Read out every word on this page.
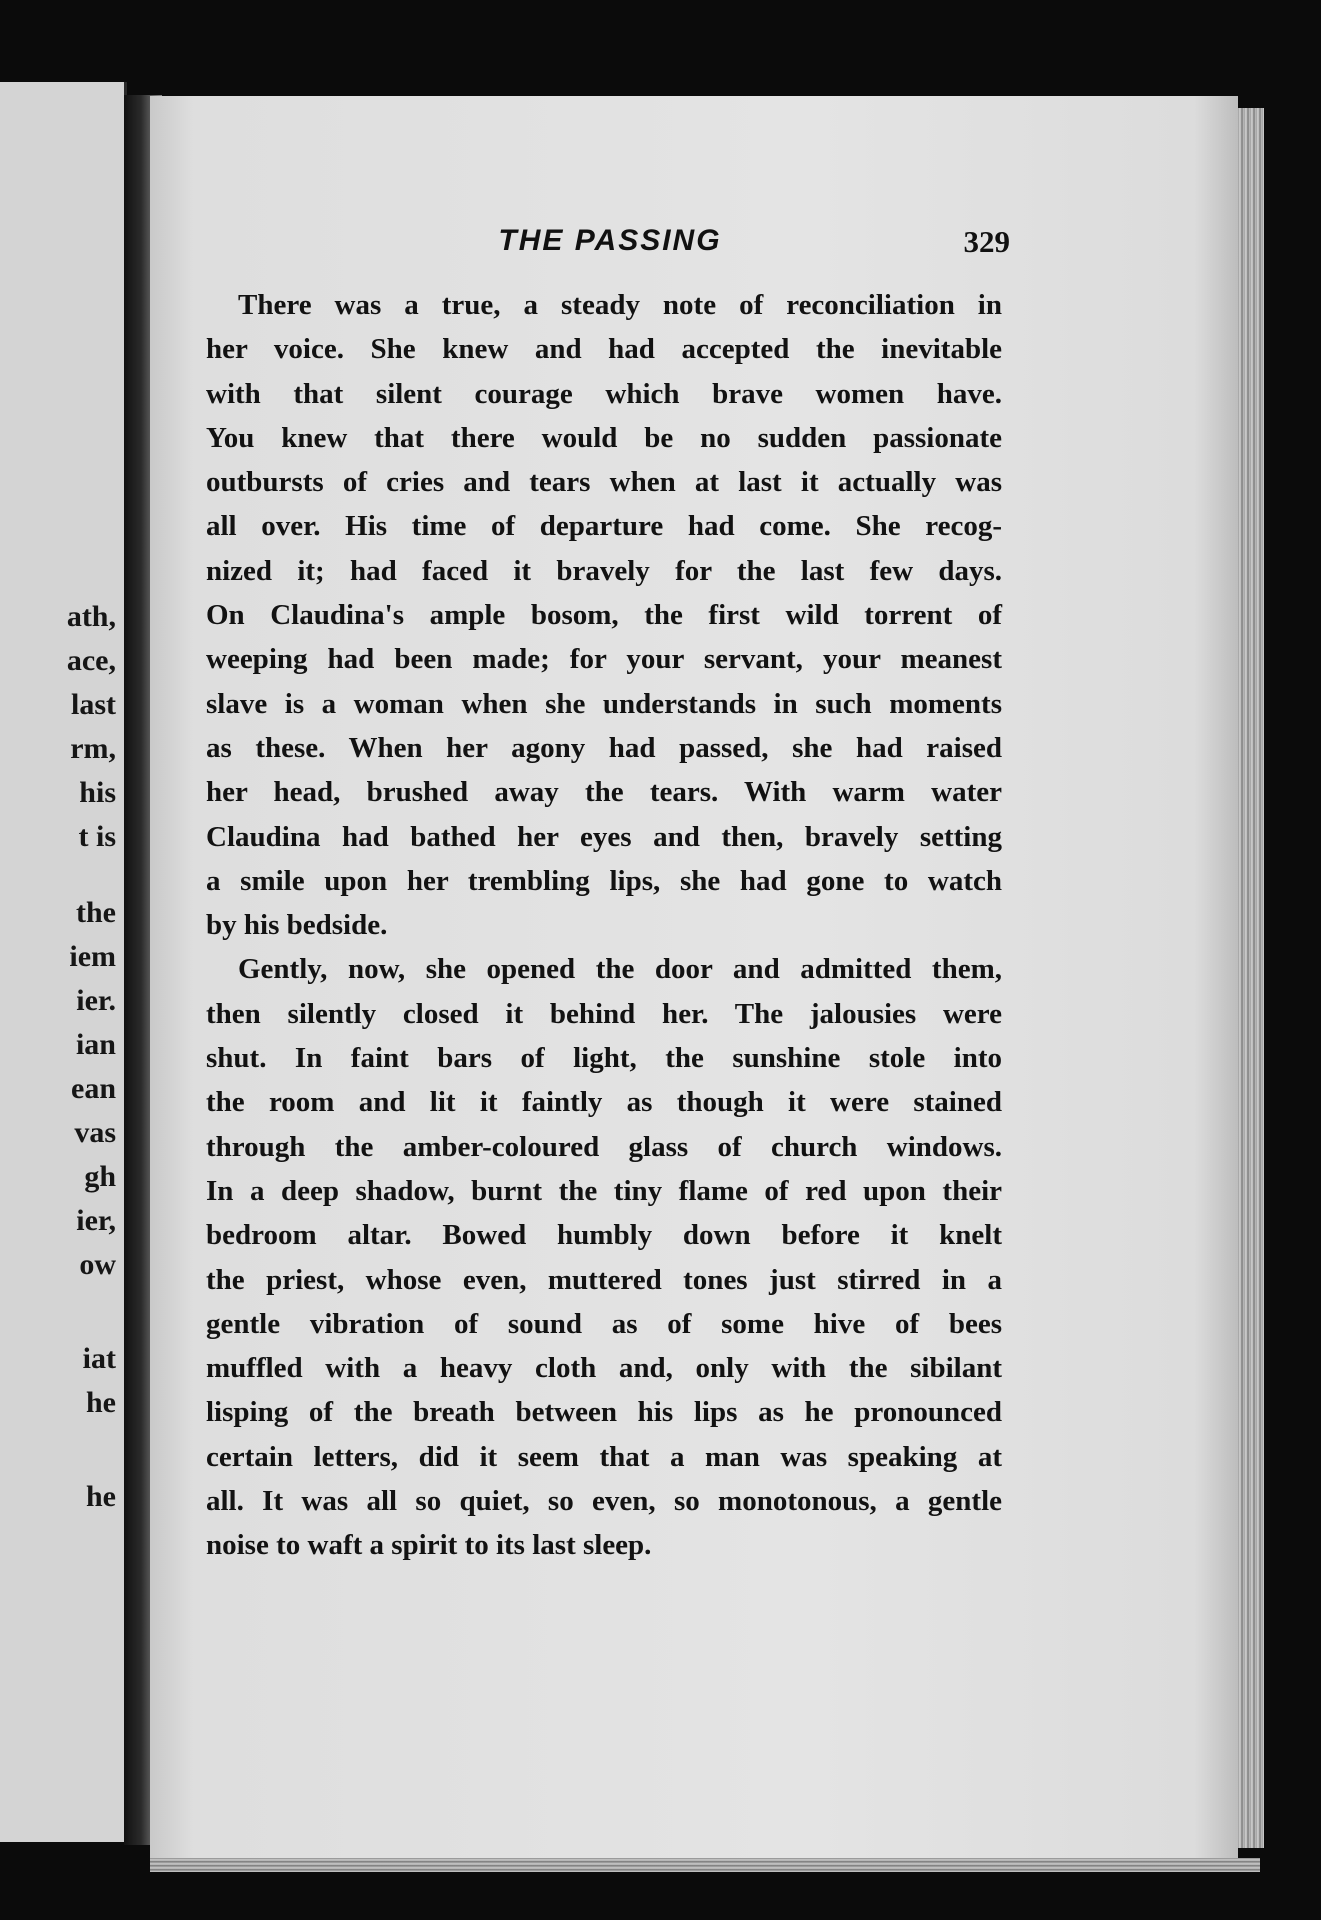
ath,

ace,

last

rm,

his

t is

the

iem

ier.

ian

ean

vas

gh

ier,

ow

iat

he

he

THE PASSING	329
There was a true, a steady note of reconciliation in
her voice. She knew and had accepted the inevitable
with that silent courage which brave women have.
You knew that there would be no sudden passionate
outbursts of cries and tears when at last it actually was
all over. His time of departure had come. She recog-
nized it; had faced it bravely for the last few days.
On Claudina's ample bosom, the first wild torrent of
weeping had been made; for your servant, your meanest
slave is a woman when she understands in such moments
as these. When her agony had passed, she had raised
her head, brushed away the tears. With warm water
Claudina had bathed her eyes and then, bravely setting
a smile upon her trembling lips, she had gone to watch
by his bedside.
Gently, now, she opened the door and admitted them,
then silently closed it behind her. The jalousies were
shut. In faint bars of light, the sunshine stole into
the room and lit it faintly as though it were stained
through the amber-coloured glass of church windows.
In a deep shadow, burnt the tiny flame of red upon their
bedroom altar. Bowed humbly down before it knelt
the priest, whose even, muttered tones just stirred in a
gentle vibration of sound as of some hive of bees
muffled with a heavy cloth and, only with the sibilant
lisping of the breath between his lips as he pronounced
certain letters, did it seem that a man was speaking at
all. It was all so quiet, so even, so monotonous, a gentle
noise to waft a spirit to its last sleep.
